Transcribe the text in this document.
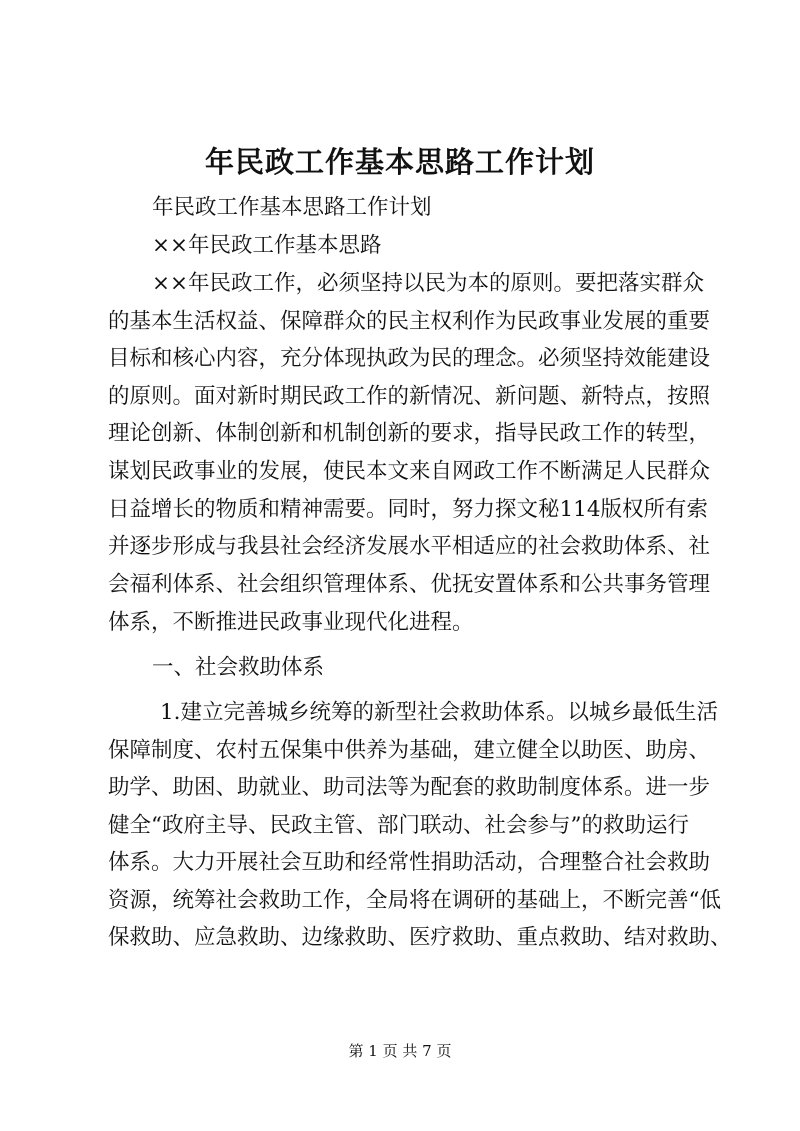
年民政工作基本思路工作计划
年民政工作基本思路工作计划
××年民政工作基本思路
××年民政工作，必须坚持以民为本的原则。要把落实群众
的基本生活权益、保障群众的民主权利作为民政事业发展的重要
目标和核心内容，充分体现执政为民的理念。必须坚持效能建设
的原则。面对新时期民政工作的新情况、新问题、新特点，按照
理论创新、体制创新和机制创新的要求，指导民政工作的转型，
谋划民政事业的发展，使民本文来自网政工作不断满足人民群众
日益增长的物质和精神需要。同时，努力探文秘114版权所有索
并逐步形成与我县社会经济发展水平相适应的社会救助体系、社
会福利体系、社会组织管理体系、优抚安置体系和公共事务管理
体系，不断推进民政事业现代化进程。
一、社会救助体系
1.建立完善城乡统筹的新型社会救助体系。以城乡最低生活
保障制度、农村五保集中供养为基础，建立健全以助医、助房、
助学、助困、助就业、助司法等为配套的救助制度体系。进一步
健全“政府主导、民政主管、部门联动、社会参与”的救助运行
体系。大力开展社会互助和经常性捐助活动，合理整合社会救助
资源，统筹社会救助工作，全局将在调研的基础上，不断完善“低
保救助、应急救助、边缘救助、医疗救助、重点救助、结对救助、
第 1 页 共 7 页
